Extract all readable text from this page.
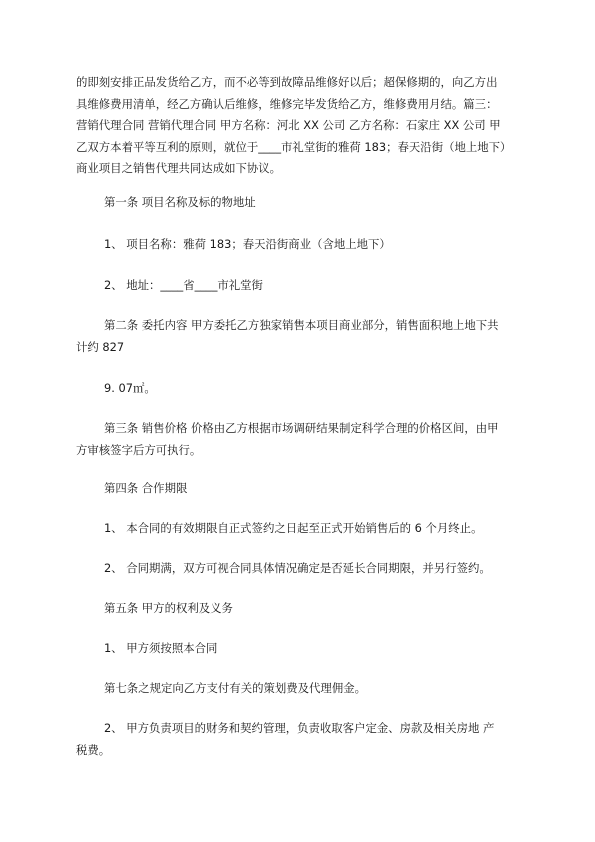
的即刻安排正品发货给乙方，而不必等到故障品维修好以后；超保修期的，向乙方出
具维修费用清单，经乙方确认后维修，维修完毕发货给乙方，维修费用月结。篇三：
营销代理合同 营销代理合同 甲方名称：河北 XX 公司 乙方名称：石家庄 XX 公司 甲
乙双方本着平等互利的原则，就位于____市礼堂街的雅荷 183；春天沿街（地上地下）
商业项目之销售代理共同达成如下协议。

第一条 项目名称及标的物地址

1、 项目名称：雅荷 183；春天沿街商业（含地上地下）

2、 地址：____省____市礼堂街

第二条 委托内容 甲方委托乙方独家销售本项目商业部分，销售面积地上地下共
计约 827

9. 07㎡。

第三条 销售价格 价格由乙方根据市场调研结果制定科学合理的价格区间，由甲
方审核签字后方可执行。

第四条 合作期限

1、 本合同的有效期限自正式签约之日起至正式开始销售后的 6 个月终止。

2、 合同期满，双方可视合同具体情况确定是否延长合同期限，并另行签约。

第五条 甲方的权利及义务

1、 甲方须按照本合同

第七条之规定向乙方支付有关的策划费及代理佣金。

2、 甲方负责项目的财务和契约管理，负责收取客户定金、房款及相关房地 产
税费。
